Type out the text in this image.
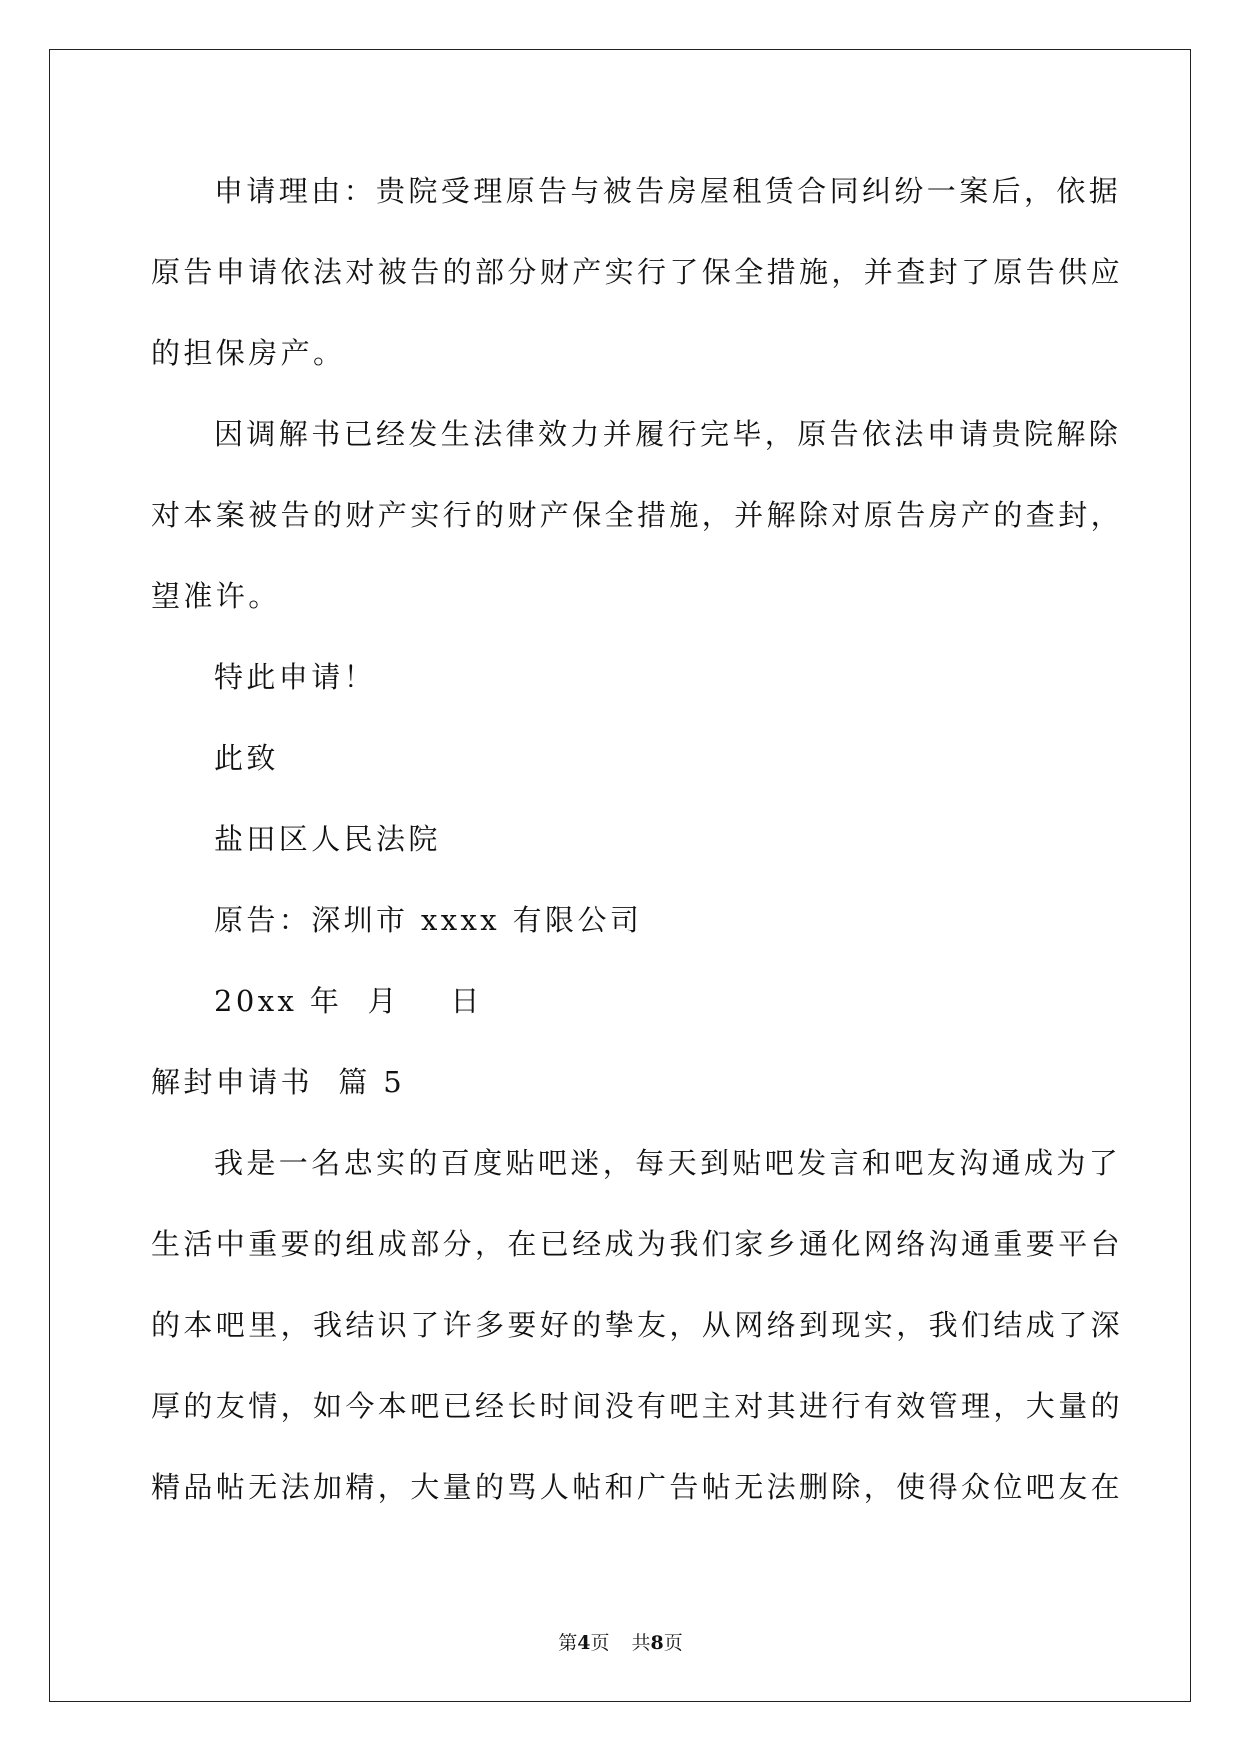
申请理由：贵院受理原告与被告房屋租赁合同纠纷一案后，依据
原告申请依法对被告的部分财产实行了保全措施，并查封了原告供应
的担保房产。
因调解书已经发生法律效力并履行完毕，原告依法申请贵院解除
对本案被告的财产实行的财产保全措施，并解除对原告房产的查封，
望准许。
特此申请！
此致
盐田区人民法院
原告：深圳市 xxxx 有限公司
20xx 年  月    日
解封申请书  篇 5
我是一名忠实的百度贴吧迷，每天到贴吧发言和吧友沟通成为了
生活中重要的组成部分，在已经成为我们家乡通化网络沟通重要平台
的本吧里，我结识了许多要好的挚友，从网络到现实，我们结成了深
厚的友情，如今本吧已经长时间没有吧主对其进行有效管理，大量的
精品帖无法加精，大量的骂人帖和广告帖无法删除，使得众位吧友在
第4页 共8页
